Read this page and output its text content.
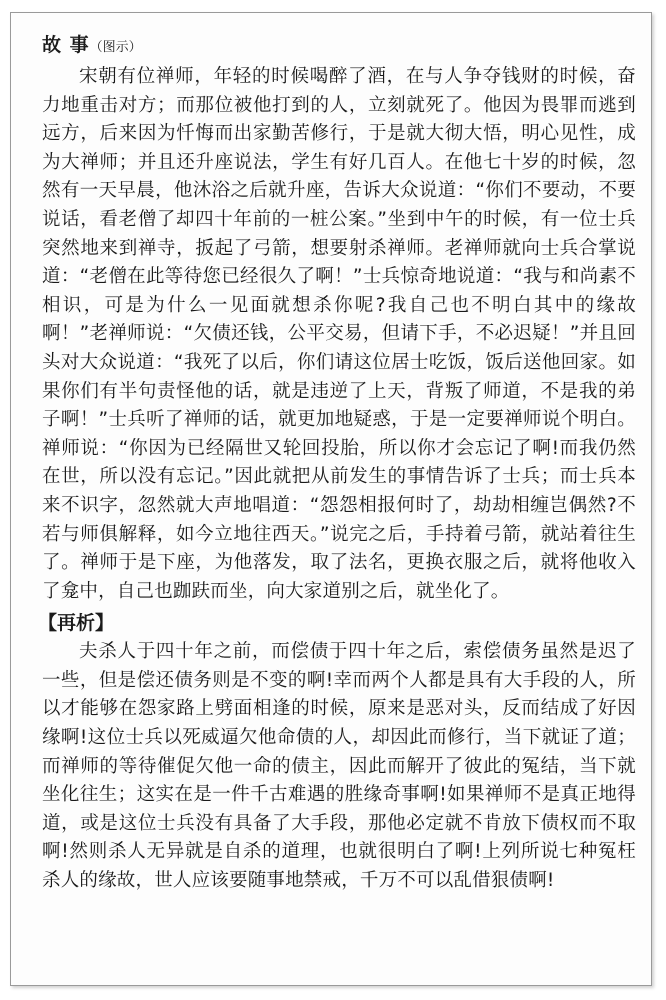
故 事（图示）

宋朝有位禅师，年轻的时候喝醉了酒，在与人争夺钱财的时候，奋力地重击对方；而那位被他打到的人，立刻就死了。他因为畏罪而逃到远方，后来因为忏悔而出家勤苦修行，于是就大彻大悟，明心见性，成为大禅师；并且还升座说法，学生有好几百人。在他七十岁的时候，忽然有一天早晨，他沐浴之后就升座，告诉大众说道：“你们不要动，不要说话，看老僧了却四十年前的一桩公案。”坐到中午的时候，有一位士兵突然地来到禅寺，扳起了弓箭，想要射杀禅师。老禅师就向士兵合掌说道：“老僧在此等待您已经很久了啊！”士兵惊奇地说道：“我与和尚素不相识，可是为什么一见面就想杀你呢?我自己也不明白其中的缘故啊！”老禅师说：“欠债还钱，公平交易，但请下手，不必迟疑！”并且回头对大众说道：“我死了以后，你们请这位居士吃饭，饭后送他回家。如果你们有半句责怪他的话，就是违逆了上天，背叛了师道，不是我的弟子啊！”士兵听了禅师的话，就更加地疑惑，于是一定要禅师说个明白。禅师说：“你因为已经隔世又轮回投胎，所以你才会忘记了啊!而我仍然在世，所以没有忘记。”因此就把从前发生的事情告诉了士兵；而士兵本来不识字，忽然就大声地唱道：“怨怨相报何时了，劫劫相缠岂偶然?不若与师俱解释，如今立地往西天。”说完之后，手持着弓箭，就站着往生了。禅师于是下座，为他落发，取了法名，更换衣服之后，就将他收入了龛中，自己也跏趺而坐，向大家道别之后，就坐化了。

【再析】

夫杀人于四十年之前，而偿债于四十年之后，索偿债务虽然是迟了一些，但是偿还债务则是不变的啊!幸而两个人都是具有大手段的人，所以才能够在怨家路上劈面相逢的时候，原来是恶对头，反而结成了好因缘啊!这位士兵以死威逼欠他命债的人，却因此而修行，当下就证了道；而禅师的等待催促欠他一命的债主，因此而解开了彼此的冤结，当下就坐化往生；这实在是一件千古难遇的胜缘奇事啊!如果禅师不是真正地得道，或是这位士兵没有具备了大手段，那他必定就不肯放下债权而不取啊!然则杀人无异就是自杀的道理，也就很明白了啊!上列所说七种冤枉杀人的缘故，世人应该要随事地禁戒，千万不可以乱借狠债啊!
